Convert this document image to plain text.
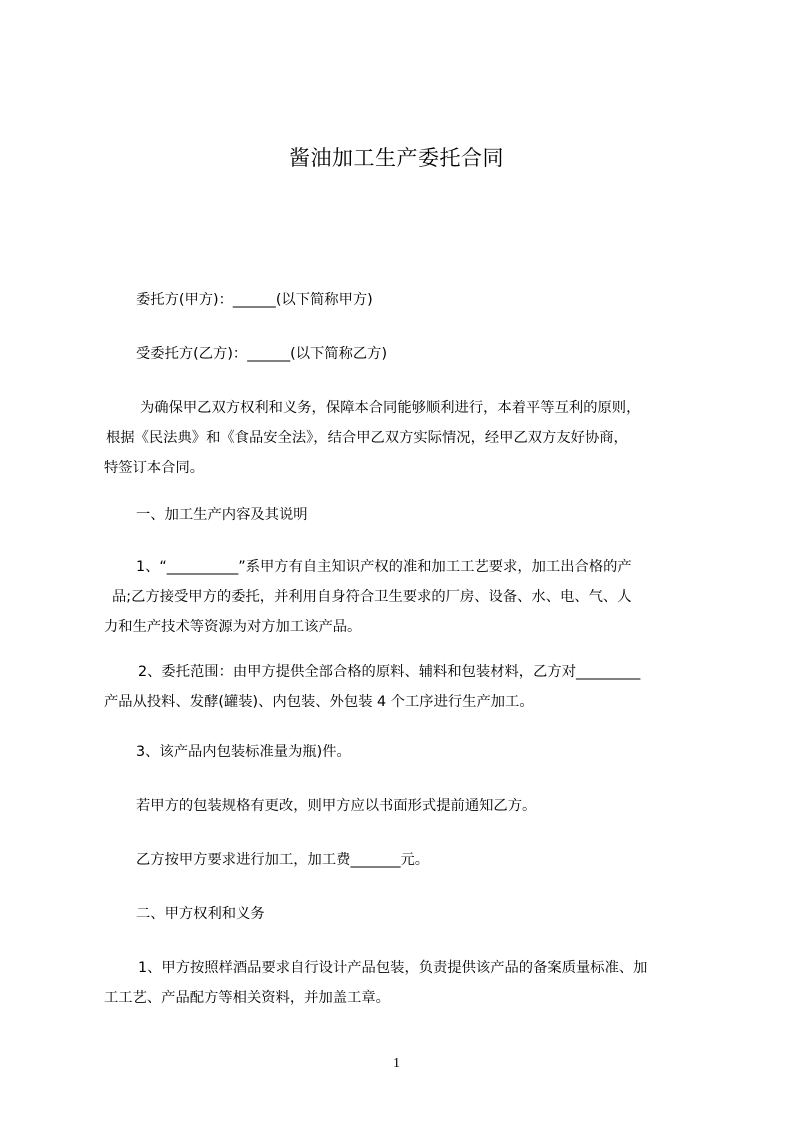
酱油加工生产委托合同
委托方(甲方)：______(以下简称甲方)
受委托方(乙方)：______(以下简称乙方)
为确保甲乙双方权利和义务，保障本合同能够顺利进行，本着平等互利的原则，
根据《民法典》和《食品安全法》，结合甲乙双方实际情况，经甲乙双方友好协商，
特签订本合同。
一、加工生产内容及其说明
1、“__________”系甲方有自主知识产权的准和加工工艺要求，加工出合格的产
品;乙方接受甲方的委托，并利用自身符合卫生要求的厂房、设备、水、电、气、人
力和生产技术等资源为对方加工该产品。
2、委托范围：由甲方提供全部合格的原料、辅料和包装材料，乙方对_________
产品从投料、发酵(罐装)、内包装、外包装 4 个工序进行生产加工。
3、该产品内包装标准量为瓶)件。
若甲方的包装规格有更改，则甲方应以书面形式提前通知乙方。
乙方按甲方要求进行加工，加工费_______元。
二、甲方权利和义务
1、甲方按照样酒品要求自行设计产品包装，负责提供该产品的备案质量标准、加
工工艺、产品配方等相关资料，并加盖工章。
1
